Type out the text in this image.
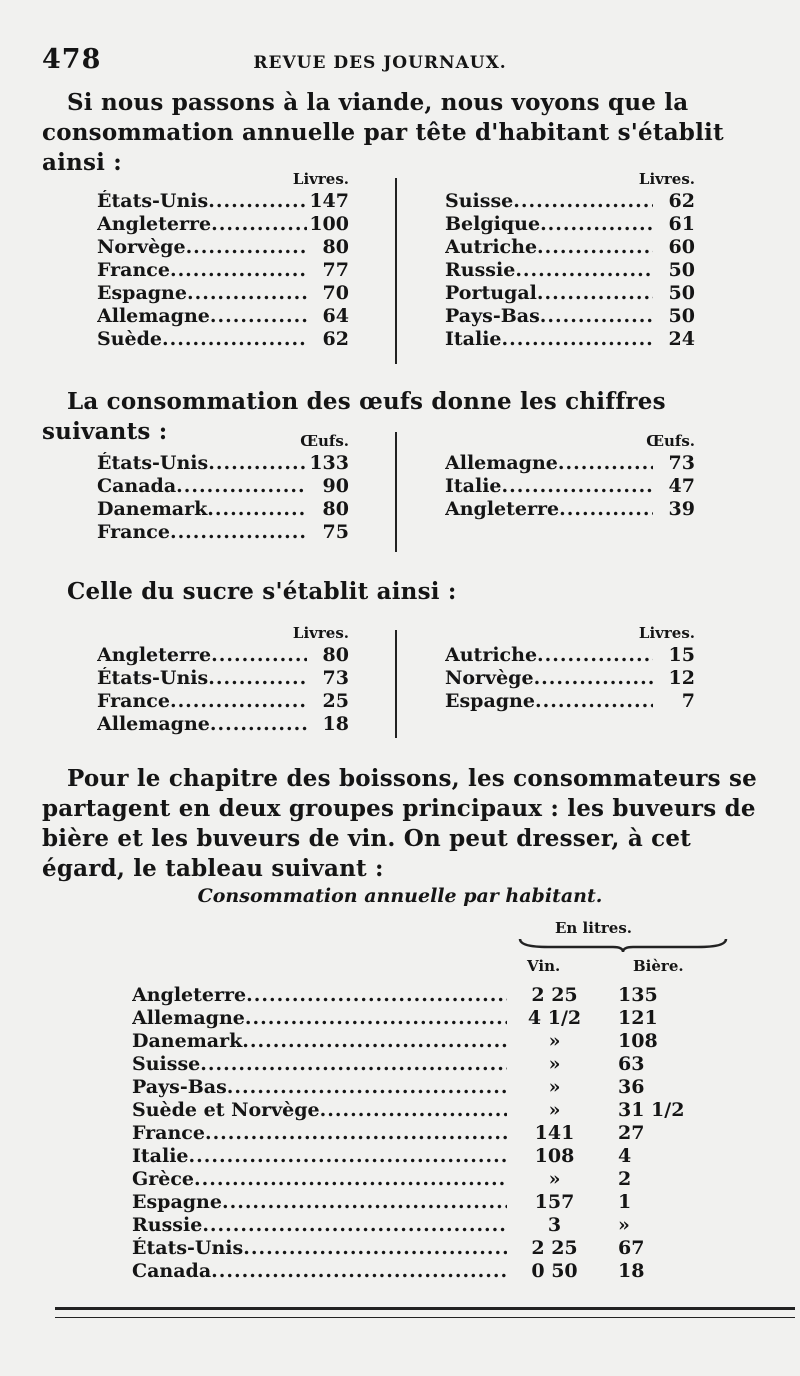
478	REVUE DES JOURNAUX.
Si nous passons à la viande, nous voyons que la consommation annuelle par tête d'habitant s'établit ainsi :
Livres.
États-Unis .....	147
Angleterre .....	100
Norvège .....	80
France .....	77
Espagne .....	70
Allemagne .....	64
Suède .....	62
Livres.
Suisse .....	62
Belgique .....	61
Autriche .....	60
Russie .....	50
Portugal .....	50
Pays-Bas .....	50
Italie .....	24
La consommation des œufs donne les chiffres suivants :	Œufs.
États-Unis .....	133
Canada .....	90
Danemark .....	80
France .....	75
Œufs.
Allemagne .....	73
Italie .....	47
Angleterre .....	39
Celle du sucre s'établit ainsi :
Livres.
Angleterre .....	80
États-Unis .....	73
France .....	25
Allemagne .....	18
Livres.
Autriche .....	15
Norvège .....	12
Espagne .....	7
Pour le chapitre des boissons, les consommateurs se partagent en deux groupes principaux : les buveurs de bière et les buveurs de vin. On peut dresser, à cet égard, le tableau suivant :
Consommation annuelle par habitant.
En litres.
Vin.	Bière.
Angleterre .....	2 25	135
Allemagne .....	4 1/2	121
Danemark .....	»	108
Suisse .....	»	63
Pays-Bas .....	»	36
Suède et Norvège .....	»	31 1/2
France .....	141	27
Italie .....	108	4
Grèce .....	»	2
Espagne .....	157	1
Russie .....	3	»
États-Unis .....	2 25	67
Canada .....	0 50	18
